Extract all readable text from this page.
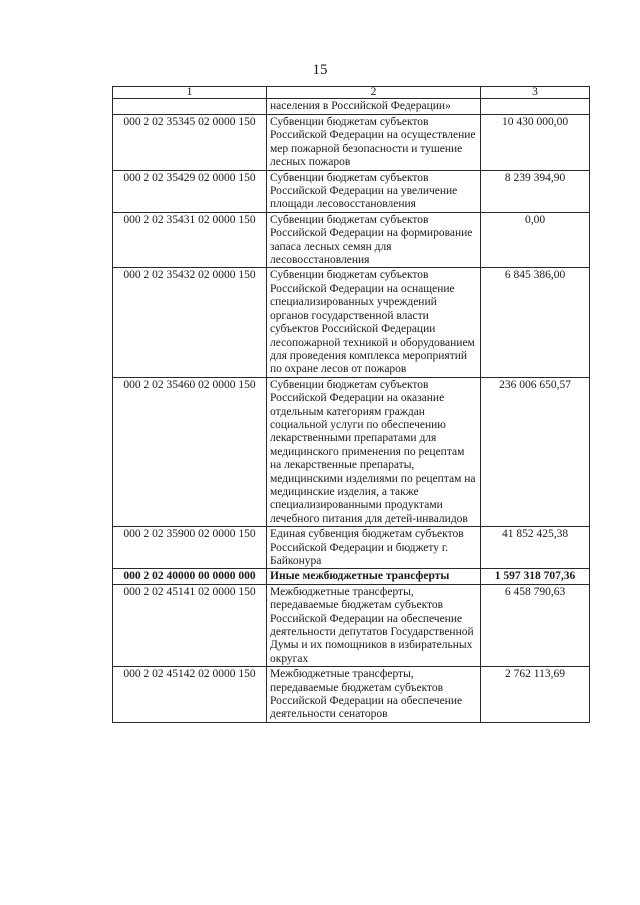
15
1	2	3
	населения в Российской Федерации»	
000 2 02 35345 02 0000 150	Субвенции бюджетам субъектов Российской Федерации на осуществление мер пожарной безопасности и тушение лесных пожаров	10 430 000,00
000 2 02 35429 02 0000 150	Субвенции бюджетам субъектов Российской Федерации на увеличение площади лесовосстановления	8 239 394,90
000 2 02 35431 02 0000 150	Субвенции бюджетам субъектов Российской Федерации на формирование запаса лесных семян для лесовосстановления	0,00
000 2 02 35432 02 0000 150	Субвенции бюджетам субъектов Российской Федерации на оснащение специализированных учреждений органов государственной власти субъектов Российской Федерации лесопожарной техникой и оборудованием для проведения комплекса мероприятий по охране лесов от пожаров	6 845 386,00
000 2 02 35460 02 0000 150	Субвенции бюджетам субъектов Российской Федерации на оказание отдельным категориям граждан социальной услуги по обеспечению лекарственными препаратами для медицинского применения по рецептам на лекарственные препараты, медицинскими изделиями по рецептам на медицинские изделия, а также специализированными продуктами лечебного питания для детей-инвалидов	236 006 650,57
000 2 02 35900 02 0000 150	Единая субвенция бюджетам субъектов Российской Федерации и бюджету г. Байконура	41 852 425,38
000 2 02 40000 00 0000 000	Иные межбюджетные трансферты	1 597 318 707,36
000 2 02 45141 02 0000 150	Межбюджетные трансферты, передаваемые бюджетам субъектов Российской Федерации на обеспечение деятельности депутатов Государственной Думы и их помощников в избирательных округах	6 458 790,63
000 2 02 45142 02 0000 150	Межбюджетные трансферты, передаваемые бюджетам субъектов Российской Федерации на обеспечение деятельности сенаторов	2 762 113,69
